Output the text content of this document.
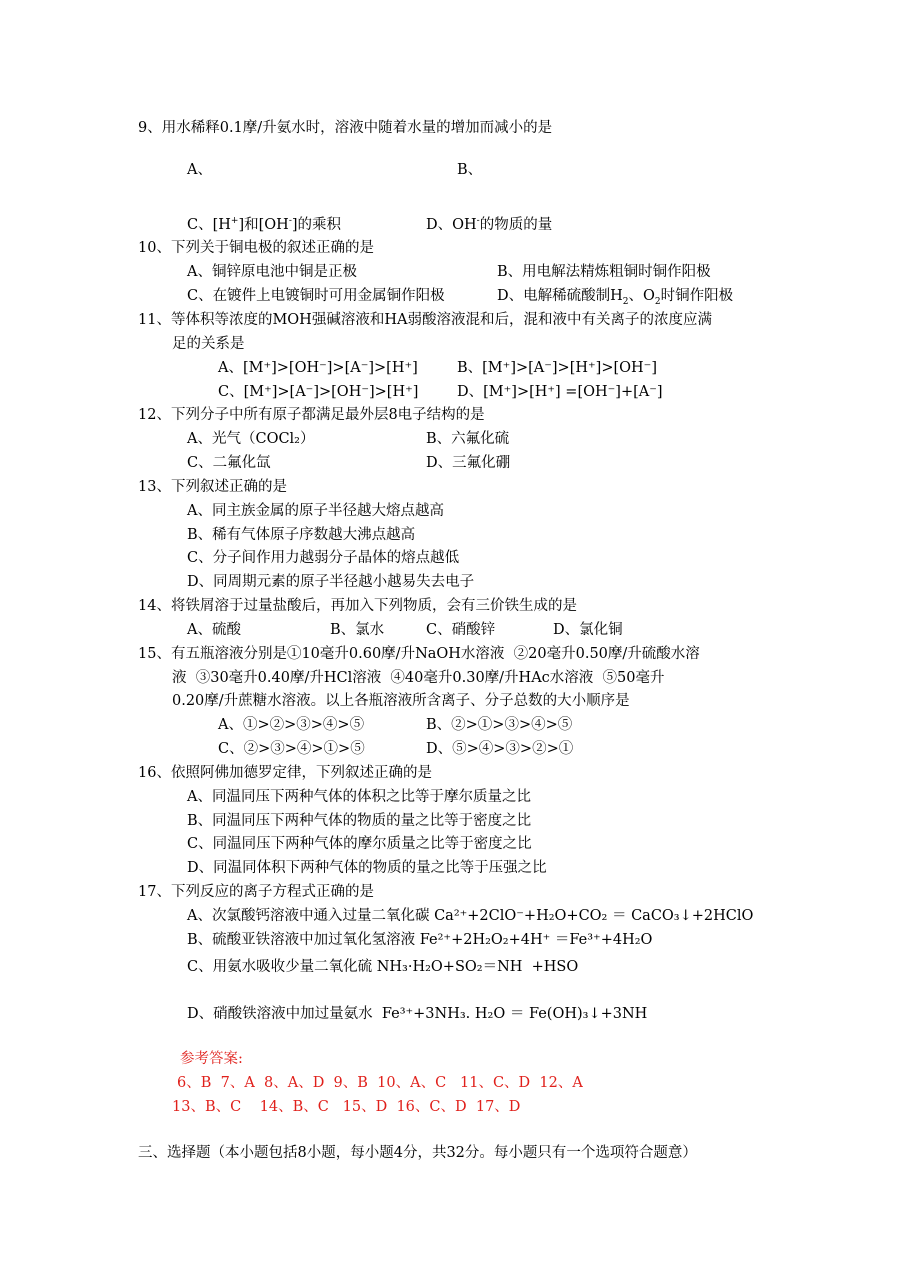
9、用水稀释0.1摩/升氨水时，溶液中随着水量的增加而减小的是
A、	B、
C、[H+]和[OH-]的乘积	D、OH-的物质的量
10、下列关于铜电极的叙述正确的是
A、铜锌原电池中铜是正极	B、用电解法精炼粗铜时铜作阳极
C、在镀件上电镀铜时可用金属铜作阳极	D、电解稀硫酸制$H_2$、$O_2$时铜作阳极
11、等体积等浓度的MOH强碱溶液和HA弱酸溶液混和后，混和液中有关离子的浓度应满
足的关系是
A、[M⁺]>[OH⁻]>[A⁻]>[H⁺]	B、[M⁺]>[A⁻]>[H⁺]>[OH⁻]
C、[M⁺]>[A⁻]>[OH⁻]>[H⁺]	D、[M⁺]>[H⁺] =[OH⁻]+[A⁻]
12、下列分子中所有原子都满足最外层8电子结构的是
A、光气（COCl₂）	B、六氟化硫
C、二氟化氙	D、三氟化硼
13、下列叙述正确的是
A、同主族金属的原子半径越大熔点越高
B、稀有气体原子序数越大沸点越高
C、分子间作用力越弱分子晶体的熔点越低
D、同周期元素的原子半径越小越易失去电子
14、将铁屑溶于过量盐酸后，再加入下列物质，会有三价铁生成的是
A、硫酸	B、氯水	C、硝酸锌	D、氯化铜
15、有五瓶溶液分别是①10毫升0.60摩/升NaOH水溶液  ②20毫升0.50摩/升硫酸水溶
液  ③30毫升0.40摩/升HCl溶液  ④40毫升0.30摩/升HAc水溶液  ⑤50毫升
0.20摩/升蔗糖水溶液。以上各瓶溶液所含离子、分子总数的大小顺序是
A、①>②>③>④>⑤	B、②>①>③>④>⑤
C、②>③>④>①>⑤	D、⑤>④>③>②>①
16、依照阿佛加德罗定律，下列叙述正确的是
A、同温同压下两种气体的体积之比等于摩尔质量之比
B、同温同压下两种气体的物质的量之比等于密度之比
C、同温同压下两种气体的摩尔质量之比等于密度之比
D、同温同体积下两种气体的物质的量之比等于压强之比
17、下列反应的离子方程式正确的是
A、次氯酸钙溶液中通入过量二氧化碳 Ca²⁺+2ClO⁻+H₂O+CO₂ ＝ CaCO₃↓+2HClO
B、硫酸亚铁溶液中加过氧化氢溶液 Fe²⁺+2H₂O₂+4H⁺ ＝Fe³⁺+4H₂O
C、用氨水吸收少量二氧化硫 NH₃·H₂O+SO₂＝NH  +HSO
D、硝酸铁溶液中加过量氨水  Fe³⁺+3NH₃. H₂O ＝ Fe(OH)₃↓+3NH
参考答案:
6、B  7、A  8、A、D  9、B  10、A、C   11、C、D  12、A
13、B、C    14、B、C   15、D  16、C、D  17、D
三、选择题（本小题包括8小题，每小题4分，共32分。每小题只有一个选项符合题意）
